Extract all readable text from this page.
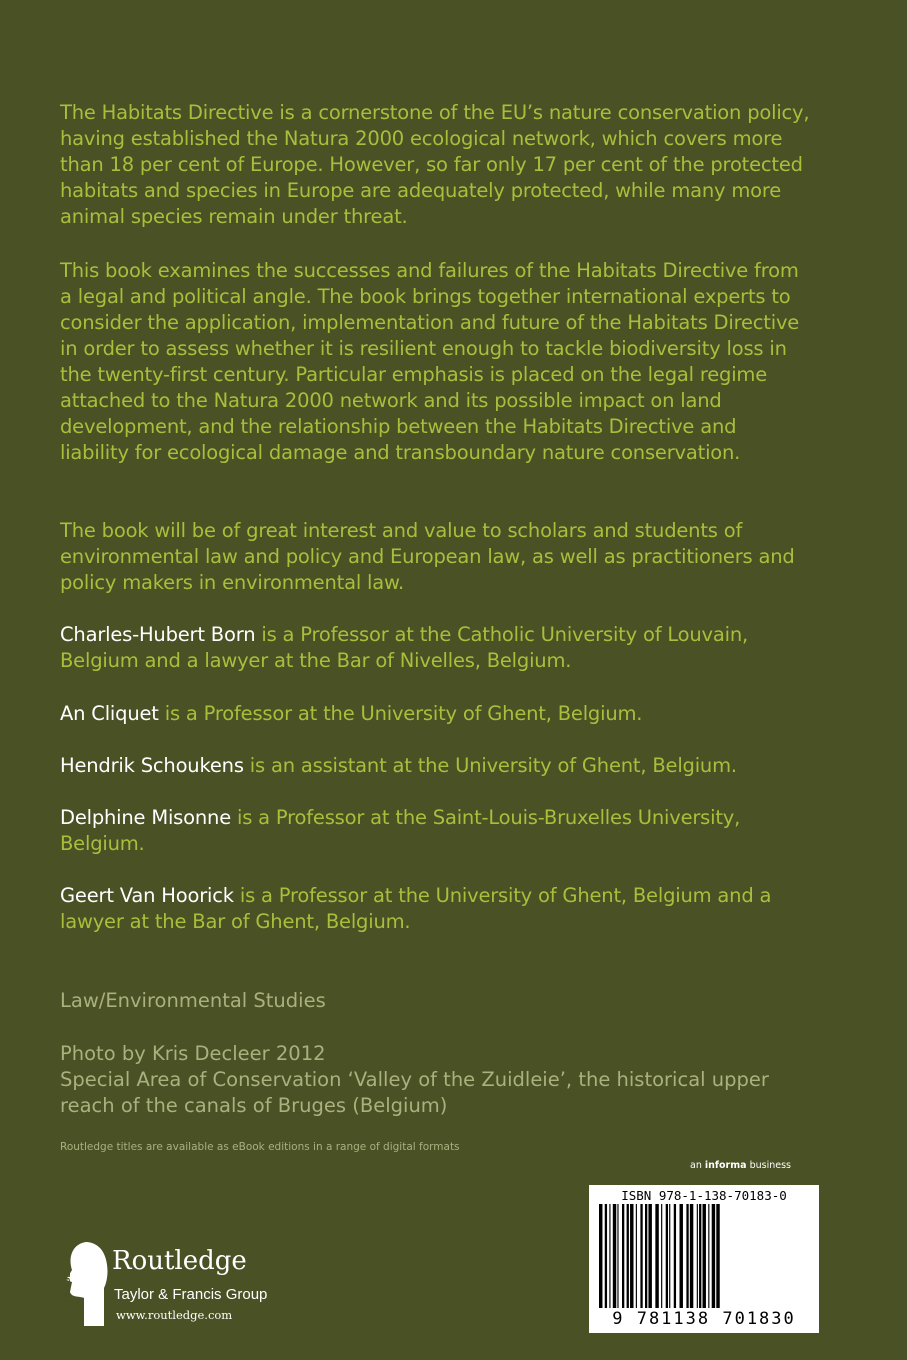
The Habitats Directive is a cornerstone of the EU’s nature conservation policy, having established the Natura 2000 ecological network, which covers more than 18 per cent of Europe. However, so far only 17 per cent of the protected habitats and species in Europe are adequately protected, while many more animal species remain under threat.

This book examines the successes and failures of the Habitats Directive from a legal and political angle. The book brings together international experts to consider the application, implementation and future of the Habitats Directive in order to assess whether it is resilient enough to tackle biodiversity loss in the twenty-first century. Particular emphasis is placed on the legal regime attached to the Natura 2000 network and its possible impact on land development, and the relationship between the Habitats Directive and liability for ecological damage and transboundary nature conservation.

The book will be of great interest and value to scholars and students of environmental law and policy and European law, as well as practitioners and policy makers in environmental law.

Charles-Hubert Born is a Professor at the Catholic University of Louvain, Belgium and a lawyer at the Bar of Nivelles, Belgium.

An Cliquet is a Professor at the University of Ghent, Belgium.

Hendrik Schoukens is an assistant at the University of Ghent, Belgium.

Delphine Misonne is a Professor at the Saint-Louis-Bruxelles University, Belgium.

Geert Van Hoorick is a Professor at the University of Ghent, Belgium and a lawyer at the Bar of Ghent, Belgium.

Law/Environmental Studies

Photo by Kris Decleer 2012

Special Area of Conservation ‘Valley of the Zuidleie’, the historical upper reach of the canals of Bruges (Belgium)

Routledge titles are available as eBook editions in a range of digital formats

an informa business
ROUTLEDGE
Routledge
Taylor & Francis Group
www.routledge.com
ISBN 978-1-138-70183-0
9 781138 701830
